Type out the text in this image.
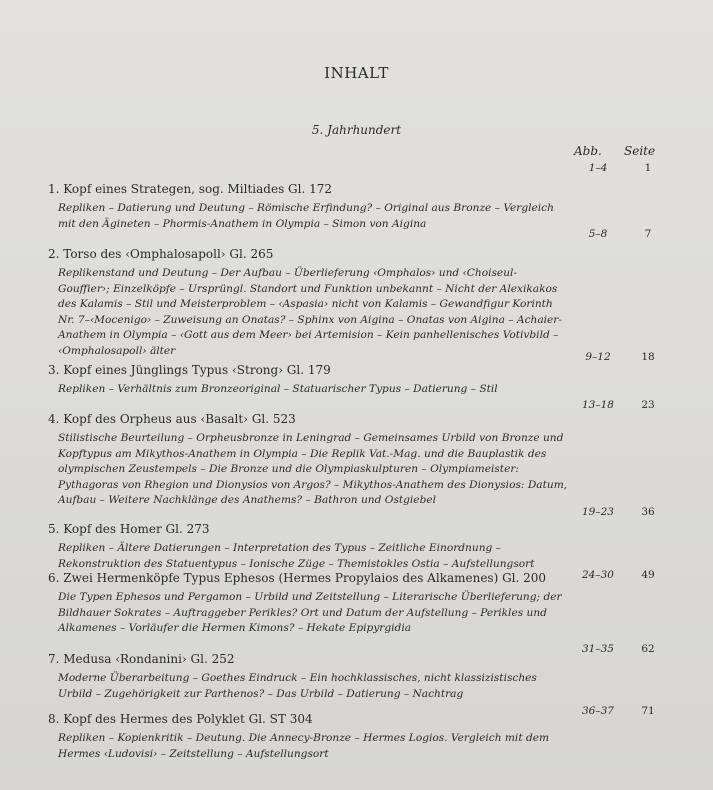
INHALT
5. Jahrhundert
Abb. Seite
1–4	1
1. Kopf eines Strategen, sog. Miltiades Gl. 172
Repliken – Datierung und Deutung – Römische Erfindung? – Original aus Bronze – Vergleich mit den Ägineten – Phormis-Anathem in Olympia – Simon von Aigina
5–8	7
2. Torso des ‹Omphalosapoll› Gl. 265
Replikenstand und Deutung – Der Aufbau – Überlieferung ‹Omphalos› und ‹Choiseul-Gouffier›; Einzelköpfe – Ursprüngl. Standort und Funktion unbekannt – Nicht der Alexikakos des Kalamis – Stil und Meisterproblem – ‹Aspasia› nicht von Kalamis – Gewandfigur Korinth Nr. 7–‹Mocenigo› – Zuweisung an Onatas? – Sphinx von Aigina – Onatas von Aigina – Achaier-Anathem in Olympia – ‹Gott aus dem Meer› bei Artemision – Kein panhellenisches Votivbild – ‹Omphalosapoll› älter
9–12	18
3. Kopf eines Jünglings Typus ‹Strong› Gl. 179
Repliken – Verhältnis zum Bronzeoriginal – Statuarischer Typus – Datierung – Stil
13–18	23
4. Kopf des Orpheus aus ‹Basalt› Gl. 523
Stilistische Beurteilung – Orpheusbronze in Leningrad – Gemeinsames Urbild von Bronze und Kopftypus am Mikythos-Anathem in Olympia – Die Replik Vat.-Mag. und die Bauplastik des olympischen Zeustempels – Die Bronze und die Olympiaskulpturen – Olympiameister: Pythagoras von Rhegion und Dionysios von Argos? – Mikythos-Anathem des Dionysios: Datum, Aufbau – Weitere Nachklänge des Anathems? – Bathron und Ostgiebel
19–23	36
5. Kopf des Homer Gl. 273
Repliken – Ältere Datierungen – Interpretation des Typus – Zeitliche Einordnung – Rekonstruktion des Statuentypus – Ionische Züge – Themistokles Ostia – Aufstellungsort
24–30	49
6. Zwei Hermenköpfe Typus Ephesos (Hermes Propylaios des Alkamenes) Gl. 200
Die Typen Ephesos und Pergamon – Urbild und Zeitstellung – Literarische Überlieferung; der Bildhauer Sokrates – Auftraggeber Perikles? Ort und Datum der Aufstellung – Perikles und Alkamenes – Vorläufer die Hermen Kimons? – Hekate Epipyrgidia
31–35	62
7. Medusa ‹Rondanini› Gl. 252
Moderne Überarbeitung – Goethes Eindruck – Ein hochklassisches, nicht klassizistisches Urbild – Zugehörigkeit zur Parthenos? – Das Urbild – Datierung – Nachtrag
36–37	71
8. Kopf des Hermes des Polyklet Gl. ST 304
Repliken – Kopienkritik – Deutung. Die Annecy-Bronze – Hermes Logios. Vergleich mit dem Hermes ‹Ludovisi› – Zeitstellung – Aufstellungsort
